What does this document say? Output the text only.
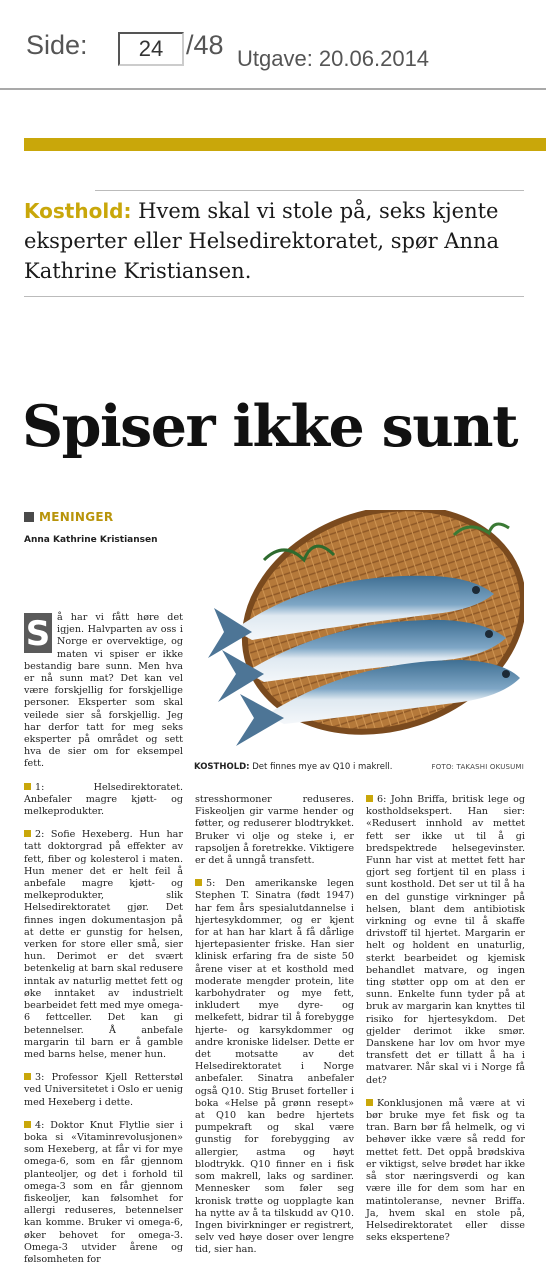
Side:	24 /48 Utgave: 20.06.2014
Kosthold: Hvem skal vi stole på, seks kjente eksperter eller Helsedirektoratet, spør Anna Kathrine Kristiansen.
Spiser ikke sunt
MENINGER
Anna Kathrine Kristiansen
KOSTHOLD: Det finnes mye av Q10 i makrell.	FOTO: TAKASHI OKUSUMI

S å har vi fått høre det igjen. Halvparten av oss i Norge er overvektige, og maten vi spiser er ikke bestandig bare sunn. Men hva er nå sunn mat? Det kan vel være forskjellig for forskjellige personer. Eksperter som skal veilede sier så forskjellig. Jeg har derfor tatt for meg seks eksperter på området og sett hva de sier om for eksempel fett.

1: Helsedirektoratet. Anbefaler magre kjøtt- og melkeprodukter.

2: Sofie Hexeberg. Hun har tatt doktorgrad på effekter av fett, fiber og kolesterol i maten. Hun mener det er helt feil å anbefale magre kjøtt- og melkeprodukter, slik Helsedirektoratet gjør. Det finnes ingen dokumentasjon på at dette er gunstig for helsen, verken for store eller små, sier hun. Derimot er det svært betenkelig at barn skal redusere inntak av naturlig mettet fett og øke inntaket av industrielt bearbeidet fett med mye omega- 6 fettceller. Det kan gi betennelser. Å anbefale margarin til barn er å gamble med barns helse, mener hun.

3: Professor Kjell Retterstøl ved Universitetet i Oslo er uenig med Hexeberg i dette.

4: Doktor Knut Flytlie sier i boka si «Vitaminrevolusjonen» som Hexeberg, at får vi for mye omega-6, som en får gjennom planteoljer, og det i forhold til omega-3 som en får gjennom fiskeoljer, kan følsomhet for allergi reduseres, betennelser kan komme. Bruker vi omega-6, øker behovet for omega-3. Omega-3 utvider årene og følsomheten for

stresshormoner reduseres. Fiskeoljen gir varme hender og føtter, og reduserer blodtrykket. Bruker vi olje og steke i, er rapsoljen å foretrekke. Viktigere er det å unngå transfett.

5: Den amerikanske legen Stephen T. Sinatra (født 1947) har fem års spesialutdannelse i hjertesykdommer, og er kjent for at han har klart å få dårlige hjertepasienter friske. Han sier klinisk erfaring fra de siste 50 årene viser at et kosthold med moderate mengder protein, lite karbohydrater og mye fett, inkludert mye dyre- og melkefett, bidrar til å forebygge hjerte- og karsykdommer og andre kroniske lidelser. Dette er det motsatte av det Helsedirektoratet i Norge anbefaler. Sinatra anbefaler også Q10. Stig Bruset forteller i boka «Helse på grønn resept» at Q10 kan bedre hjertets pumpekraft og skal være gunstig for forebygging av allergier, astma og høyt blodtrykk. Q10 finner en i fisk som makrell, laks og sardiner. Mennesker som føler seg kronisk trøtte og uopplagte kan ha nytte av å ta tilskudd av Q10. Ingen bivirkninger er registrert, selv ved høye doser over lengre tid, sier han.

6: John Briffa, britisk lege og kostholdsekspert. Han sier: «Redusert innhold av mettet fett ser ikke ut til å gi bredspektrede helsegevinster. Funn har vist at mettet fett har gjort seg fortjent til en plass i sunt kosthold. Det ser ut til å ha en del gunstige virkninger på helsen, blant dem antibiotisk virkning og evne til å skaffe drivstoff til hjertet. Margarin er helt og holdent en unaturlig, sterkt bearbeidet og kjemisk behandlet matvare, og ingen ting støtter opp om at den er sunn. Enkelte funn tyder på at bruk av margarin kan knyttes til risiko for hjertesykdom. Det gjelder derimot ikke smør. Danskene har lov om hvor mye transfett det er tillatt å ha i matvarer. Når skal vi i Norge få det?

Konklusjonen må være at vi bør bruke mye fet fisk og ta tran. Barn bør få helmelk, og vi behøver ikke være så redd for mettet fett. Det oppå brødskiva er viktigst, selve brødet har ikke så stor næringsverdi og kan være ille for dem som har en matintoleranse, nevner Briffa. Ja, hvem skal en stole på, Helsedirektoratet eller disse seks ekspertene?
